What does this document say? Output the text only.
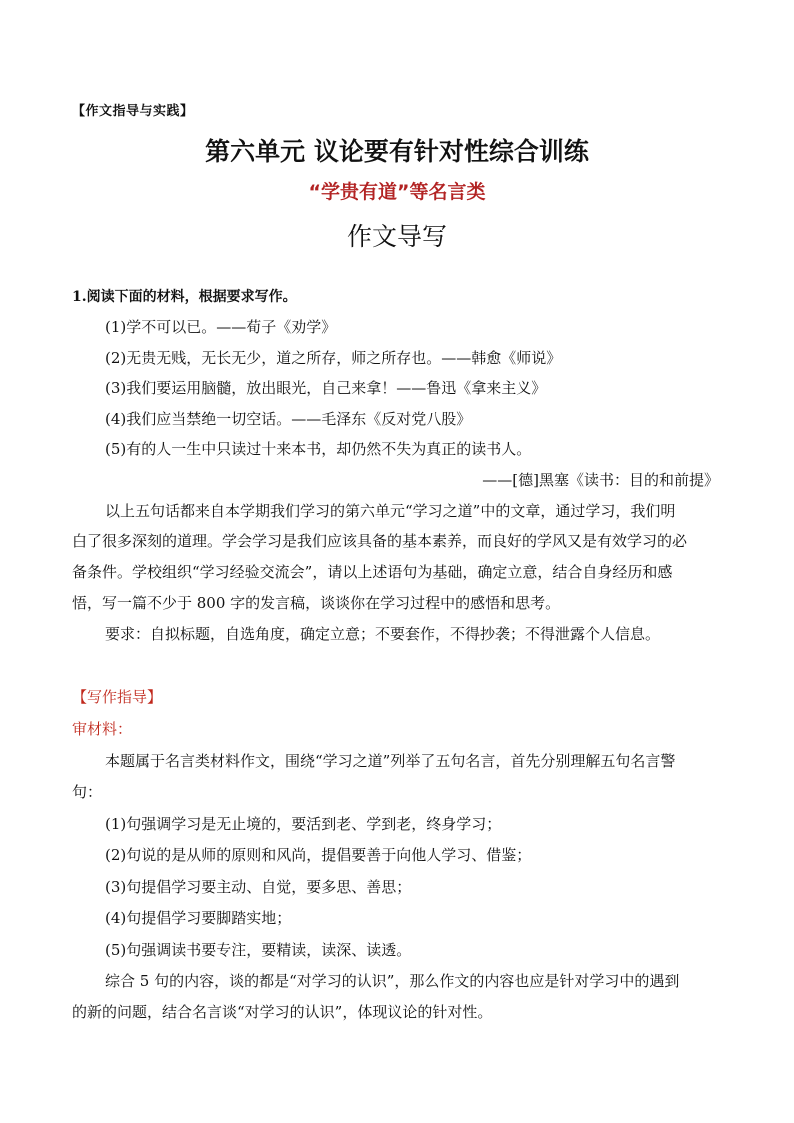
【作文指导与实践】
第六单元 议论要有针对性综合训练
“学贵有道”等名言类
作文导写
1.阅读下面的材料，根据要求写作。
(1)学不可以已。——荀子《劝学》
(2)无贵无贱，无长无少，道之所存，师之所存也。——韩愈《师说》
(3)我们要运用脑髓，放出眼光，自己来拿！——鲁迅《拿来主义》
(4)我们应当禁绝一切空话。——毛泽东《反对党八股》
(5)有的人一生中只读过十来本书，却仍然不失为真正的读书人。
——[德]黑塞《读书：目的和前提》
以上五句话都来自本学期我们学习的第六单元“学习之道”中的文章，通过学习，我们明
白了很多深刻的道理。学会学习是我们应该具备的基本素养，而良好的学风又是有效学习的必
备条件。学校组织“学习经验交流会”，请以上述语句为基础，确定立意，结合自身经历和感
悟，写一篇不少于 800 字的发言稿，谈谈你在学习过程中的感悟和思考。
要求：自拟标题，自选角度，确定立意；不要套作，不得抄袭；不得泄露个人信息。
【写作指导】
审材料：
本题属于名言类材料作文，围绕“学习之道”列举了五句名言，首先分别理解五句名言警
句：
(1)句强调学习是无止境的，要活到老、学到老，终身学习；
(2)句说的是从师的原则和风尚，提倡要善于向他人学习、借鉴；
(3)句提倡学习要主动、自觉，要多思、善思；
(4)句提倡学习要脚踏实地；
(5)句强调读书要专注，要精读，读深、读透。
综合 5 句的内容，谈的都是“对学习的认识”，那么作文的内容也应是针对学习中的遇到
的新的问题，结合名言谈“对学习的认识”，体现议论的针对性。
